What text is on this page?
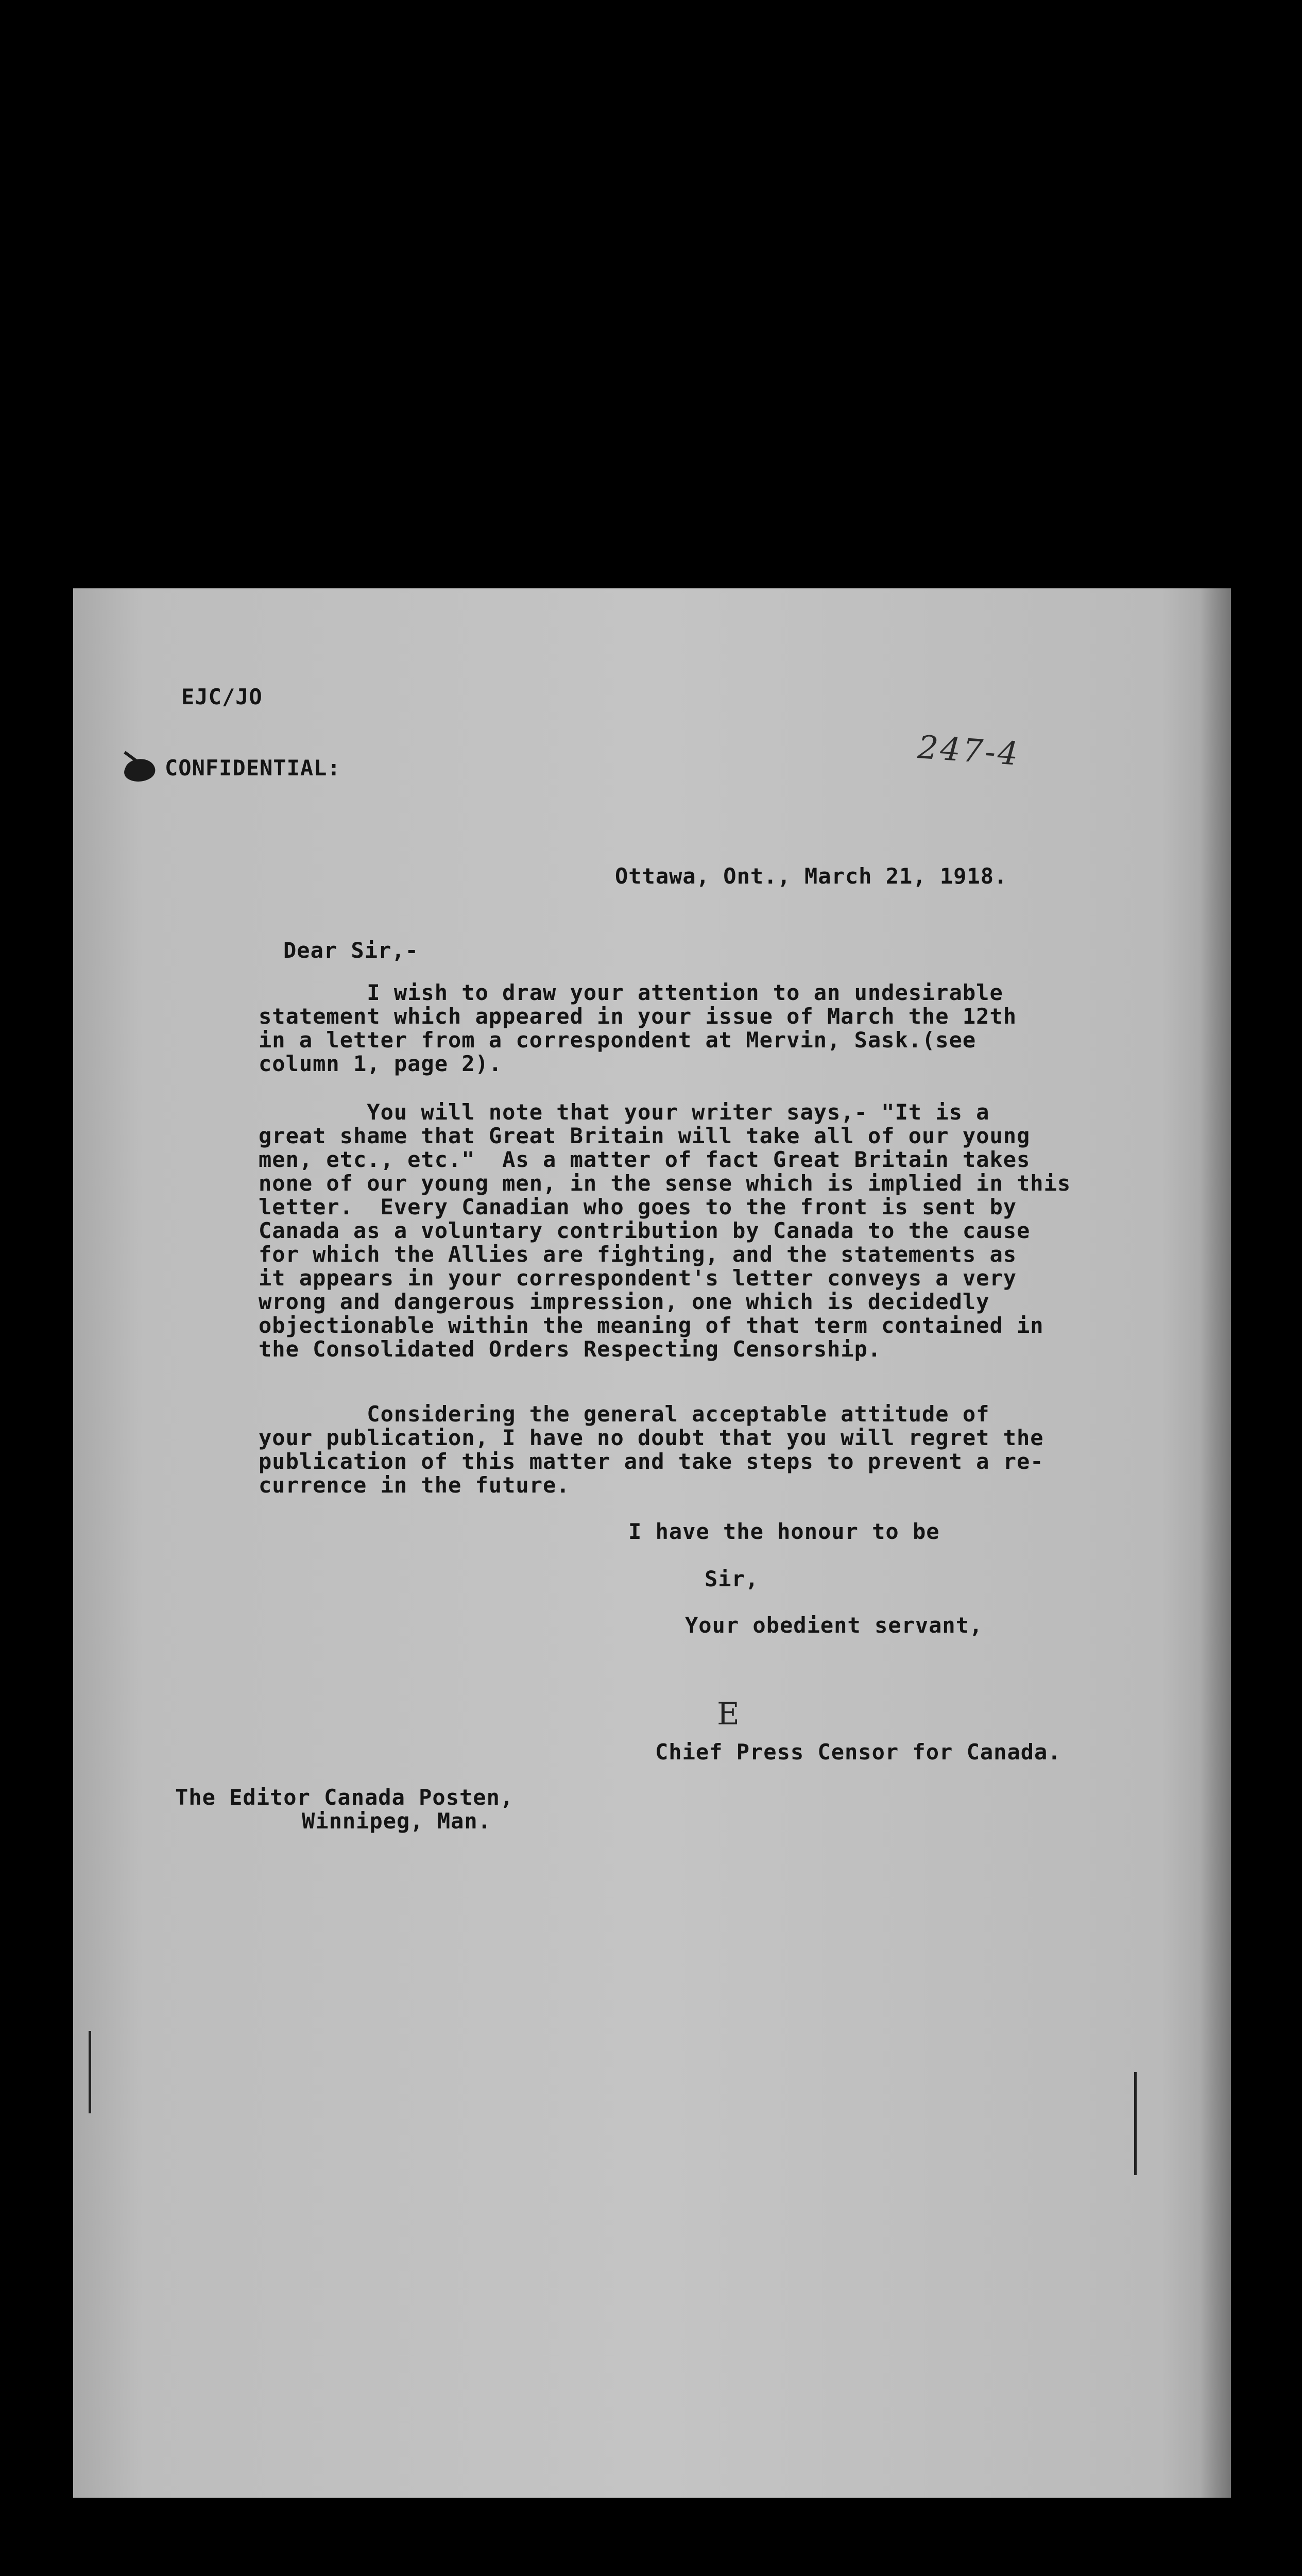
EJC/JO
CONFIDENTIAL:	247-4
Ottawa, Ont., March 21, 1918.
Dear Sir,-
I wish to draw your attention to an undesirable
statement which appeared in your issue of March the 12th
in a letter from a correspondent at Mervin, Sask.(see
column 1, page 2).
You will note that your writer says,- "It is a
great shame that Great Britain will take all of our young
men, etc., etc."  As a matter of fact Great Britain takes
none of our young men, in the sense which is implied in this
letter.  Every Canadian who goes to the front is sent by
Canada as a voluntary contribution by Canada to the cause
for which the Allies are fighting, and the statements as
it appears in your correspondent's letter conveys a very
wrong and dangerous impression, one which is decidedly
objectionable within the meaning of that term contained in
the Consolidated Orders Respecting Censorship.
Considering the general acceptable attitude of
your publication, I have no doubt that you will regret the
publication of this matter and take steps to prevent a re-
currence in the future.
I have the honour to be
Sir,
Your obedient servant,
E
Chief Press Censor for Canada.
The Editor Canada Posten,
Winnipeg, Man.
